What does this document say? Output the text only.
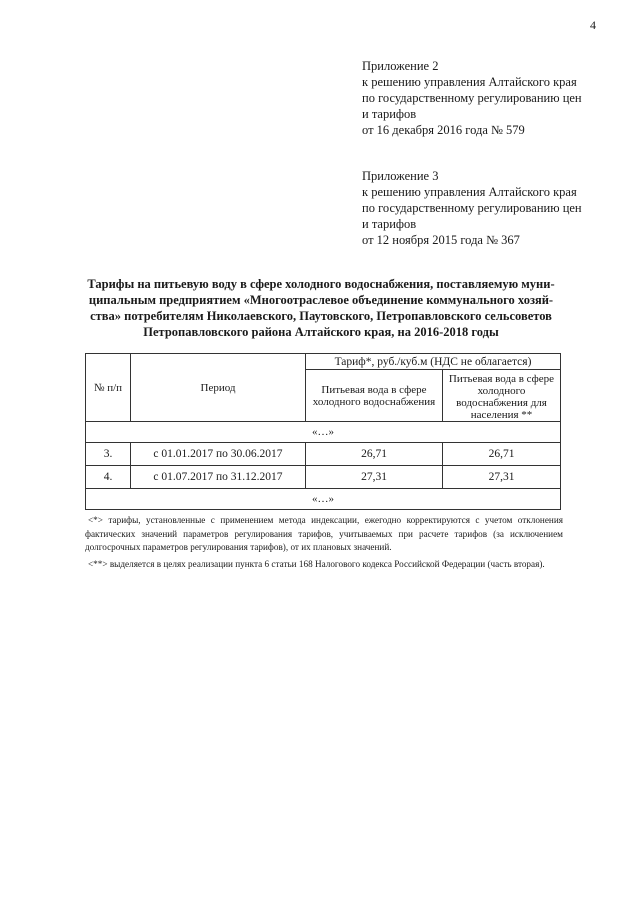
4
Приложение 2
к решению управления Алтайского края
по государственному регулированию цен
и тарифов
от 16 декабря 2016 года № 579
Приложение 3
к решению управления Алтайского края
по государственному регулированию цен
и тарифов
от 12 ноября 2015 года № 367
Тарифы на питьевую воду в сфере холодного водоснабжения, поставляемую муни-
ципальным предприятием «Многоотраслевое объединение коммунального хозяй-
ства» потребителям Николаевского, Паутовского, Петропавловского сельсоветов
Петропавловского района Алтайского края, на 2016-2018 годы
№ п/п	Период	Тариф*, руб./куб.м (НДС не облагается)	
		Питьевая вода в сфере холодного водоснабжения	Питьевая вода в сфере холодного водоснабжения для населения **
«…»			
3.	с 01.01.2017 по 30.06.2017	26,71	26,71
4.	с 01.07.2017 по 31.12.2017	27,31	27,31
«…»			

<*> тарифы, установленные с применением метода индексации, ежегодно корректируются с учетом отклонения фактических значений параметров регулирования тарифов, учитываемых при расчете тарифов (за исключением долгосрочных параметров регулирования тарифов), от их плановых значений.

<**> выделяется в целях реализации пункта 6 статьи 168 Налогового кодекса Российской Федерации (часть вторая).
